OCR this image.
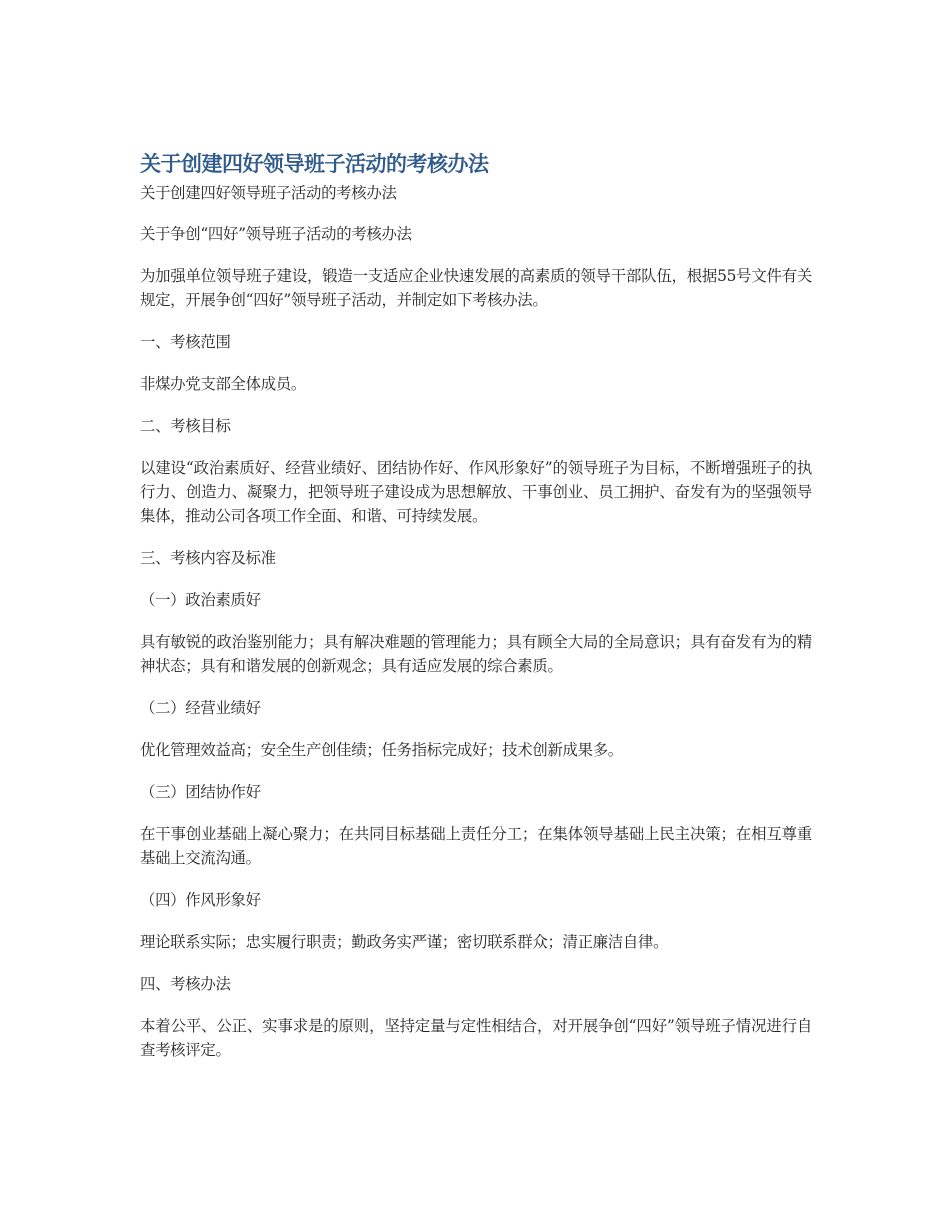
关于创建四好领导班子活动的考核办法
关于创建四好领导班子活动的考核办法
关于争创“四好”领导班子活动的考核办法
为加强单位领导班子建设，锻造一支适应企业快速发展的高素质的领导干部队伍，根据55号文件有关规定，开展争创“四好”领导班子活动，并制定如下考核办法。
一、考核范围
非煤办党支部全体成员。
二、考核目标
以建设“政治素质好、经营业绩好、团结协作好、作风形象好”的领导班子为目标，不断增强班子的执行力、创造力、凝聚力，把领导班子建设成为思想解放、干事创业、员工拥护、奋发有为的坚强领导集体，推动公司各项工作全面、和谐、可持续发展。
三、考核内容及标准
（一）政治素质好
具有敏锐的政治鉴别能力；具有解决难题的管理能力；具有顾全大局的全局意识；具有奋发有为的精神状态；具有和谐发展的创新观念；具有适应发展的综合素质。
（二）经营业绩好
优化管理效益高；安全生产创佳绩；任务指标完成好；技术创新成果多。
（三）团结协作好
在干事创业基础上凝心聚力；在共同目标基础上责任分工；在集体领导基础上民主决策；在相互尊重基础上交流沟通。
（四）作风形象好
理论联系实际；忠实履行职责；勤政务实严谨；密切联系群众；清正廉洁自律。
四、考核办法
本着公平、公正、实事求是的原则，坚持定量与定性相结合，对开展争创“四好”领导班子情况进行自查考核评定。
